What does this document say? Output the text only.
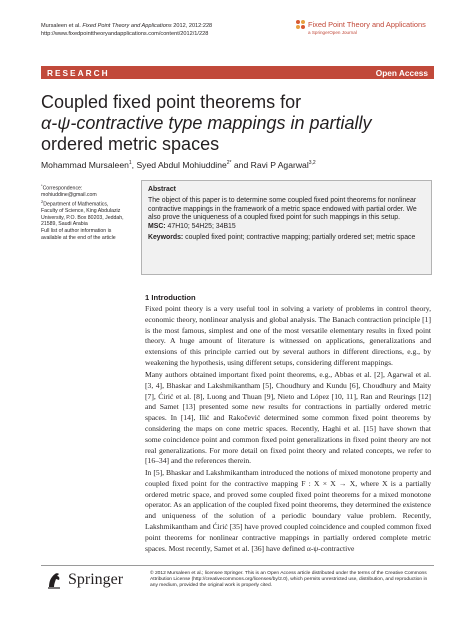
Mursaleen et al. Fixed Point Theory and Applications 2012, 2012:228
http://www.fixedpointtheoryandapplications.com/content/2012/1/228
Fixed Point Theory and Applications
a SpringerOpen Journal
RESEARCH	Open Access
Coupled fixed point theorems for
α-ψ-contractive type mappings in partially
ordered metric spaces
Mohammad Mursaleen$^1$, Syed Abdul Mohiuddine$^{2*}$ and Ravi P Agarwal$^{3,2}$

*Correspondence:

mohiuddine@gmail.com

$^2$Department of Mathematics,

Faculty of Science, King Abdulaziz

University, P.O. Box 80203, Jeddah,

21589, Saudi Arabia

Full list of author information is

available at the end of the article

Abstract
The object of this paper is to determine some coupled fixed point theorems for nonlinear contractive mappings in the framework of a metric space endowed with partial order. We also prove the uniqueness of a coupled fixed point for such mappings in this setup.
MSC: 47H10; 54H25; 34B15
Keywords: coupled fixed point; contractive mapping; partially ordered set; metric space
1 Introduction
Fixed point theory is a very useful tool in solving a variety of problems in control theory, economic theory, nonlinear analysis and global analysis. The Banach contraction principle [1] is the most famous, simplest and one of the most versatile elementary results in fixed point theory. A huge amount of literature is witnessed on applications, generalizations and extensions of this principle carried out by several authors in different directions, e.g., by weakening the hypothesis, using different setups, considering different mappings.
Many authors obtained important fixed point theorems, e.g., Abbas et al. [2], Agarwal et al. [3, 4], Bhaskar and Lakshmikantham [5], Choudhury and Kundu [6], Choudhury and Maity [7], Ćirić et al. [8], Luong and Thuan [9], Nieto and López [10, 11], Ran and Reurings [12] and Samet [13] presented some new results for contractions in partially ordered metric spaces. In [14], Ilić and Rakočević determined some common fixed point theorems by considering the maps on cone metric spaces. Recently, Haghi et al. [15] have shown that some coincidence point and common fixed point generalizations in fixed point theory are not real generalizations. For more detail on fixed point theory and related concepts, we refer to [16–34] and the references therein.
In [5], Bhaskar and Lakshmikantham introduced the notions of mixed monotone property and coupled fixed point for the contractive mapping F : X × X → X, where X is a partially ordered metric space, and proved some coupled fixed point theorems for a mixed monotone operator. As an application of the coupled fixed point theorems, they determined the existence and uniqueness of the solution of a periodic boundary value problem. Recently, Lakshmikantham and Ćirić [35] have proved coupled coincidence and coupled common fixed point theorems for nonlinear contractive mappings in partially ordered complete metric spaces. Most recently, Samet et al. [36] have defined α-ψ-contractive
Springer	© 2012 Mursaleen et al.; licensee Springer. This is an Open Access article distributed under the terms of the Creative Commons Attribution License (http://creativecommons.org/licenses/by/2.0), which permits unrestricted use, distribution, and reproduction in any medium, provided the original work is properly cited.
